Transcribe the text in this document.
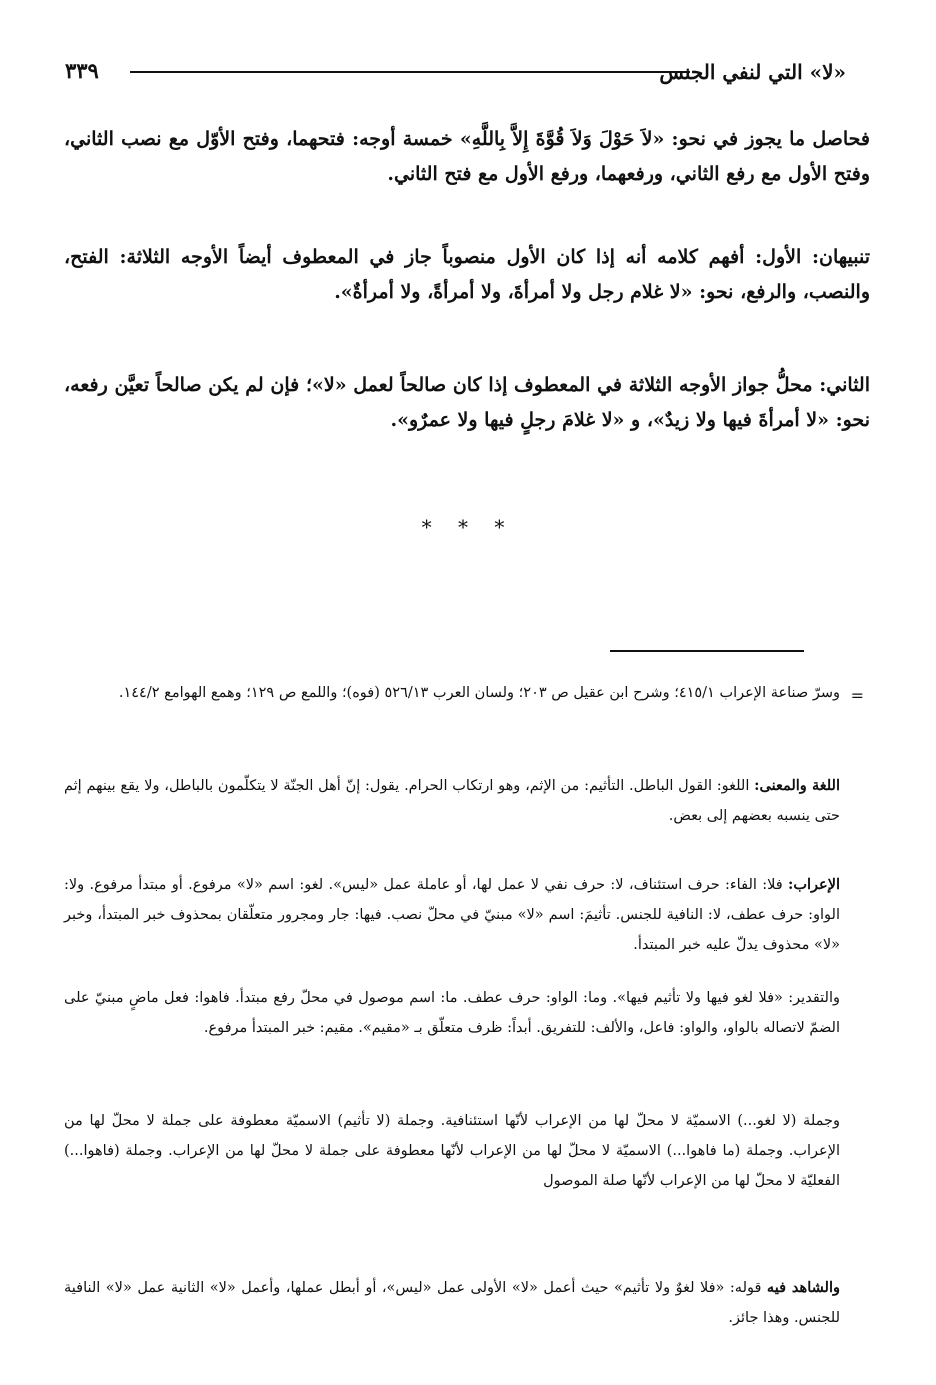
«لا» التي لنفي الجنس
٣٣٩

فحاصل ما يجوز في نحو: «لاَ حَوْلَ وَلاَ قُوَّةَ إِلاَّ بِاللَّهِ» خمسة أوجه: فتحهما، وفتح الأوّل مع نصب الثاني، وفتح الأول مع رفع الثاني، ورفعهما، ورفع الأول مع فتح الثاني.

تنبيهان: الأول: أفهم كلامه أنه إذا كان الأول منصوباً جاز في المعطوف أيضاً الأوجه الثلاثة: الفتح، والنصب، والرفع، نحو: «لا غلام رجل ولا أمرأةَ، ولا أمرأةً، ولا أمرأةٌ».

الثاني: محلُّ جواز الأوجه الثلاثة في المعطوف إذا كان صالحاً لعمل «لا»؛ فإن لم يكن صالحاً تعيَّن رفعه، نحو: «لا أمرأةَ فيها ولا زيدٌ»، و «لا غلامَ رجلٍ فيها ولا عمرٌو».

* * *
=

وسرّ صناعة الإعراب ٤١٥/١؛ وشرح ابن عقيل ص ٢٠٣؛ ولسان العرب ٥٢٦/١٣ (فوه)؛ واللمع ص ١٢٩؛ وهمع الهوامع ١٤٤/٢.

اللغة والمعنى: اللغو: القول الباطل. التأثيم: من الإثم، وهو ارتكاب الحرام. يقول: إنّ أهل الجنّة لا يتكلّمون بالباطل، ولا يقع بينهم إثم حتى ينسبه بعضهم إلى بعض.

الإعراب: فلا: الفاء: حرف استئناف، لا: حرف نفي لا عمل لها، أو عاملة عمل «ليس». لغو: اسم «لا» مرفوع. أو مبتدأ مرفوع. ولا: الواو: حرف عطف، لا: النافية للجنس. تأثيمَ: اسم «لا» مبنيّ في محلّ نصب. فيها: جار ومجرور متعلّقان بمحذوف خبر المبتدأ، وخبر «لا» محذوف يدلّ عليه خبر المبتدأ.

والتقدير: «فلا لغو فيها ولا تأثيم فيها». وما: الواو: حرف عطف. ما: اسم موصول في محلّ رفع مبتدأ. فاهوا: فعل ماضٍ مبنيّ على الضمّ لاتصاله بالواو، والواو: فاعل، والألف: للتفريق. أبداً: ظرف متعلّق بـ «مقيم». مقيم: خبر المبتدأ مرفوع.

وجملة (لا لغو...) الاسميّة لا محلّ لها من الإعراب لأنّها استئنافية. وجملة (لا تأثيم) الاسميّة معطوفة على جملة لا محلّ لها من الإعراب. وجملة (ما فاهوا...) الاسميّة لا محلّ لها من الإعراب لأنّها معطوفة على جملة لا محلّ لها من الإعراب. وجملة (فاهوا...) الفعليّة لا محلّ لها من الإعراب لأنّها صلة الموصول

والشاهد فيه قوله: «فلا لغوٌ ولا تأثيم» حيث أعمل «لا» الأولى عمل «ليس»، أو أبطل عملها، وأعمل «لا» الثانية عمل «لا» النافية للجنس. وهذا جائز.
